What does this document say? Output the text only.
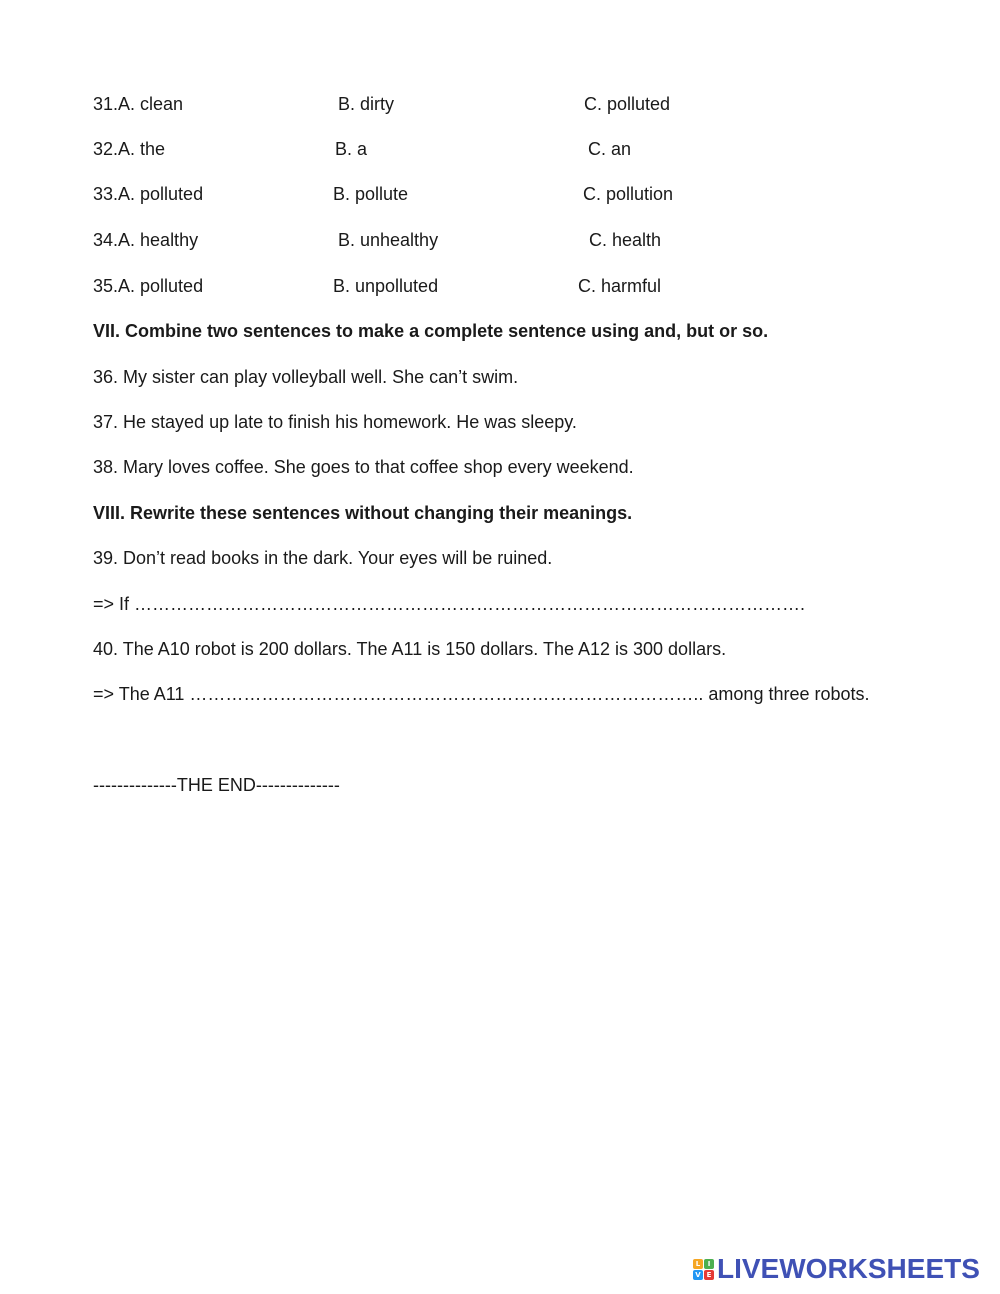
31.A. clean	B. dirty	C. polluted
32.A. the	B. a	C. an
33.A. polluted	B. pollute	C. pollution
34.A. healthy	B. unhealthy	C. health
35.A. polluted	B. unpolluted	C. harmful
VII. Combine two sentences to make a complete sentence using and, but or so.
36. My sister can play volleyball well. She can’t swim.
37. He stayed up late to finish his homework. He was sleepy.
38. Mary loves coffee. She goes to that coffee shop every weekend.
VIII. Rewrite these sentences without changing their meanings.
39. Don’t read books in the dark. Your eyes will be ruined.
=> If ………………………………………………………………………………………………….
40. The A10 robot is 200 dollars. The A11 is 150 dollars. The A12 is 300 dollars.
=> The A11 ………………………………………………………………………….. among three robots.
--------------THE END--------------
L	I
V E LIVEWORKSHEETS
